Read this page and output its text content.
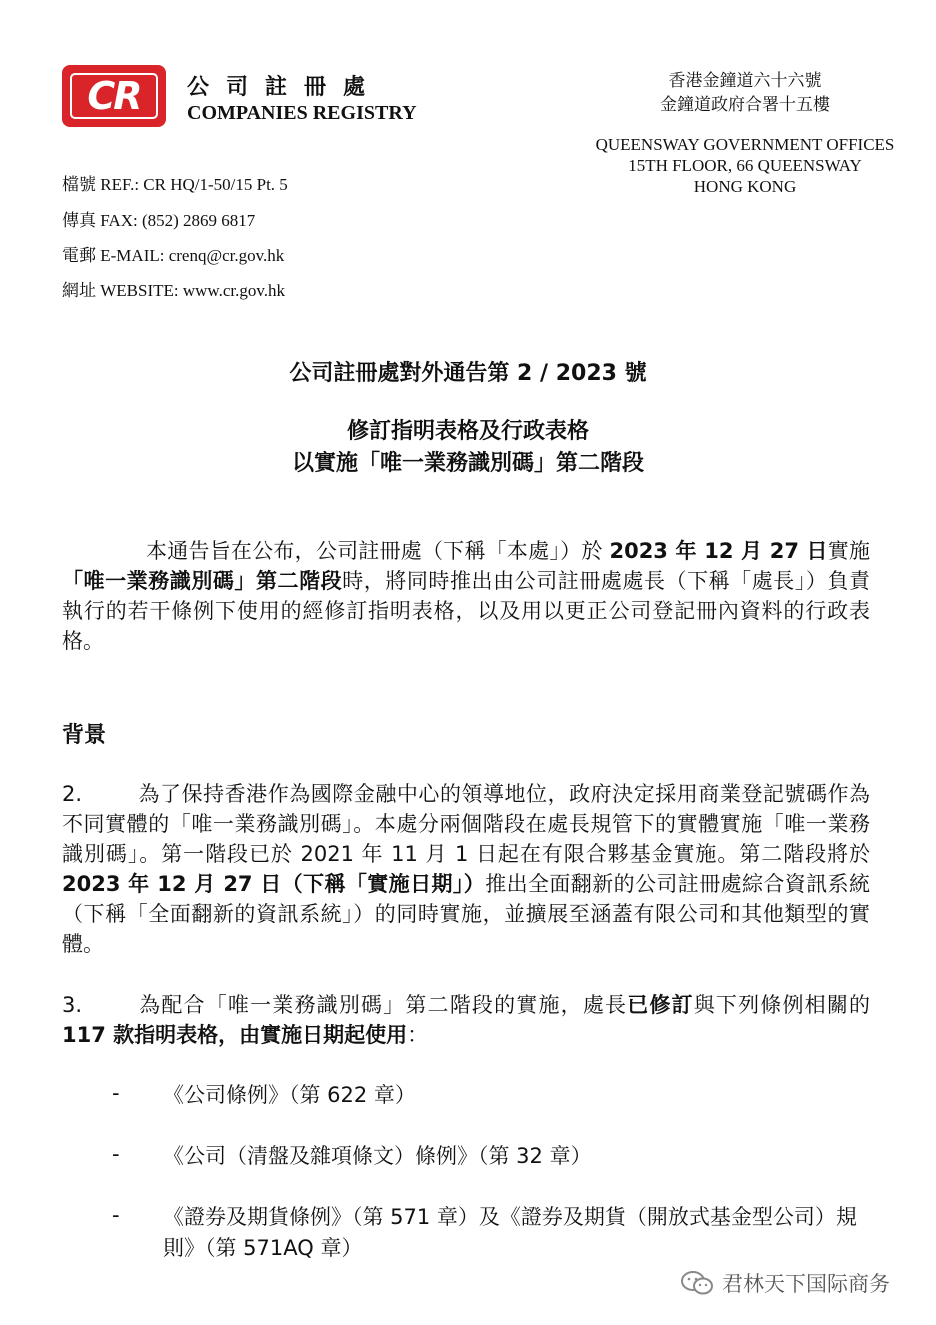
CR	公司註冊處
COMPANIES REGISTRY
香港金鐘道六十六號
金鐘道政府合署十五樓
QUEENSWAY GOVERNMENT OFFICES
15TH FLOOR, 66 QUEENSWAY
HONG KONG
檔號 REF.: CR HQ/1-50/15 Pt. 5
傳真 FAX: (852) 2869 6817
電郵 E-MAIL: crenq@cr.gov.hk
網址 WEBSITE: www.cr.gov.hk
公司註冊處對外通告第 2 / 2023 號
修訂指明表格及行政表格
以實施「唯一業務識別碼」第二階段
本通告旨在公布，公司註冊處（下稱「本處」）於 2023 年 12 月 27 日實施「唯一業務識別碼」第二階段時，將同時推出由公司註冊處處長（下稱「處長」）負責執行的若干條例下使用的經修訂指明表格，以及用以更正公司登記冊內資料的行政表格。
背景
2.	為了保持香港作為國際金融中心的領導地位，政府決定採用商業登記號碼作為不同實體的「唯一業務識別碼」。本處分兩個階段在處長規管下的實體實施「唯一業務識別碼」。第一階段已於 2021 年 11 月 1 日起在有限合夥基金實施。第二階段將於2023 年 12 月 27 日（下稱「實施日期」）推出全面翻新的公司註冊處綜合資訊系統（下稱「全面翻新的資訊系統」）的同時實施，並擴展至涵蓋有限公司和其他類型的實體。
3.	為配合「唯一業務識別碼」第二階段的實施，處長已修訂與下列條例相關的 117 款指明表格，由實施日期起使用：
- 《公司條例》（第 622 章）
- 《公司（清盤及雜項條文）條例》（第 32 章）
- 《證券及期貨條例》（第 571 章）及《證券及期貨（開放式基金型公司）規則》（第 571AQ 章）
君林天下国际商务
